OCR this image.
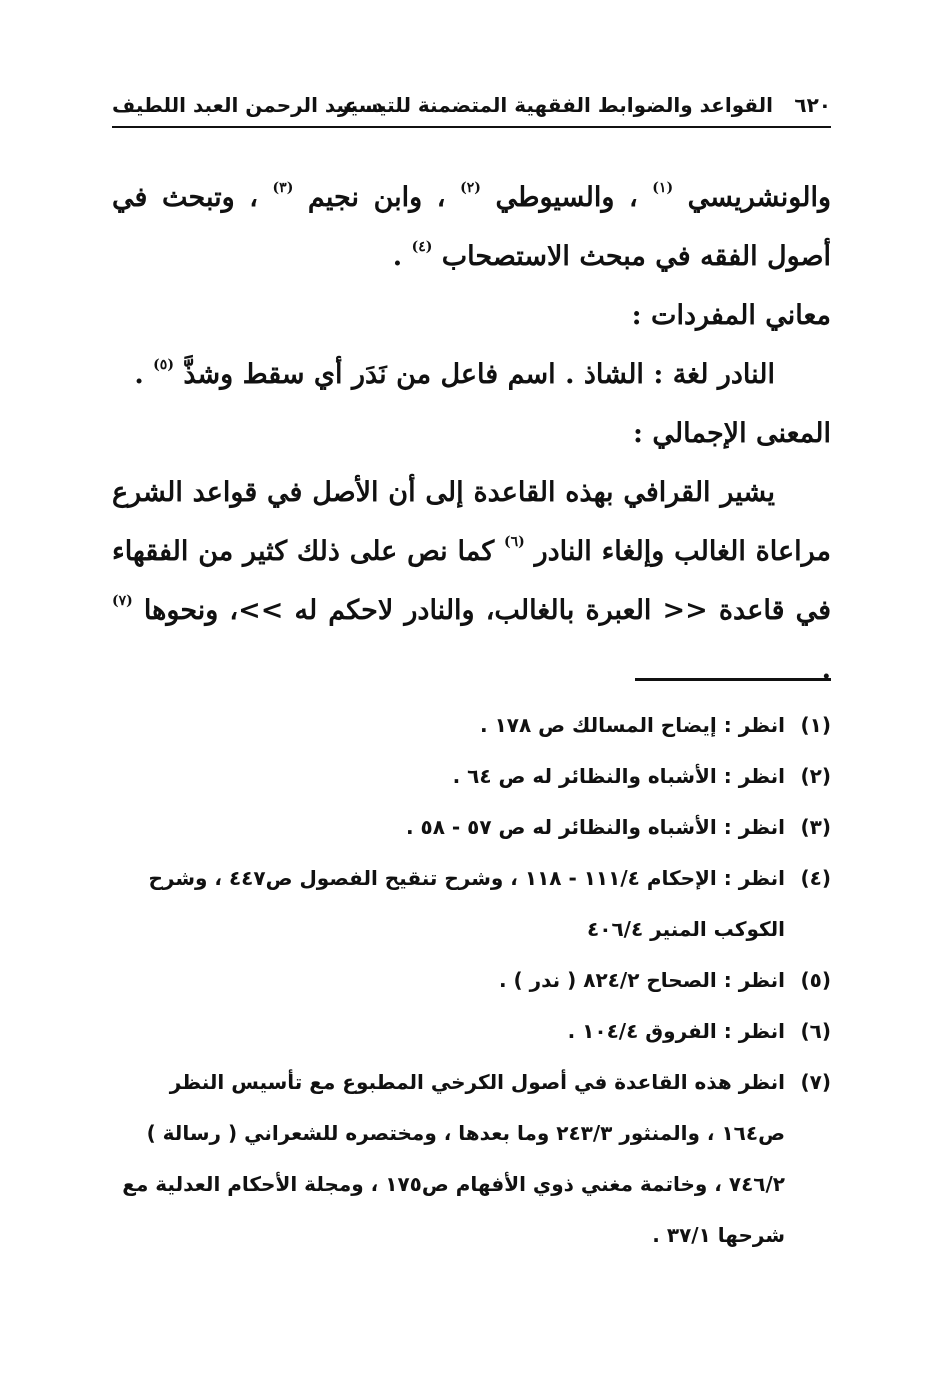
٦٢٠
القواعد والضوابط الفقهية المتضمنة للتيسير
د. عبد الرحمن العبد اللطيف

والونشريسي $^{(١)}$ ، والسيوطي $^{(٢)}$ ، وابن نجيم $^{(٣)}$ ، وتبحث في أصول الفقه في مبحث الاستصحاب $^{(٤)}$ .

معاني المفردات :

النادر لغة : الشاذ . اسم فاعل من نَدَر أي سقط وشذَّ $^{(٥)}$ .

المعنى الإجمالي :

يشير القرافي بهذه القاعدة إلى أن الأصل في قواعد الشرع مراعاة الغالب وإلغاء النادر $^{(٦)}$ كما نص على ذلك كثير من الفقهاء في قاعدة << العبرة بالغالب، والنادر لاحكم له >>، ونحوها $^{(٧)}$ .

(١)انظر : إيضاح المسالك ص ١٧٨ .
(٢)انظر : الأشباه والنظائر له ص ٦٤ .
(٣)انظر : الأشباه والنظائر له ص ٥٧ - ٥٨ .
(٤)انظر : الإحكام ١١١/٤ - ١١٨ ، وشرح تنقيح الفصول ص٤٤٧ ، وشرح الكوكب المنير ٤٠٦/٤
(٥)انظر : الصحاح ٨٢٤/٢ ( ندر ) .
(٦)انظر : الفروق ١٠٤/٤ .
(٧)انظر هذه القاعدة في أصول الكرخي المطبوع مع تأسيس النظر ص١٦٤ ، والمنثور ٢٤٣/٣ وما بعدها ، ومختصره للشعراني ( رسالة ) ٧٤٦/٢ ، وخاتمة مغني ذوي الأفهام ص١٧٥ ، ومجلة الأحكام العدلية مع شرحها ٣٧/١ .
